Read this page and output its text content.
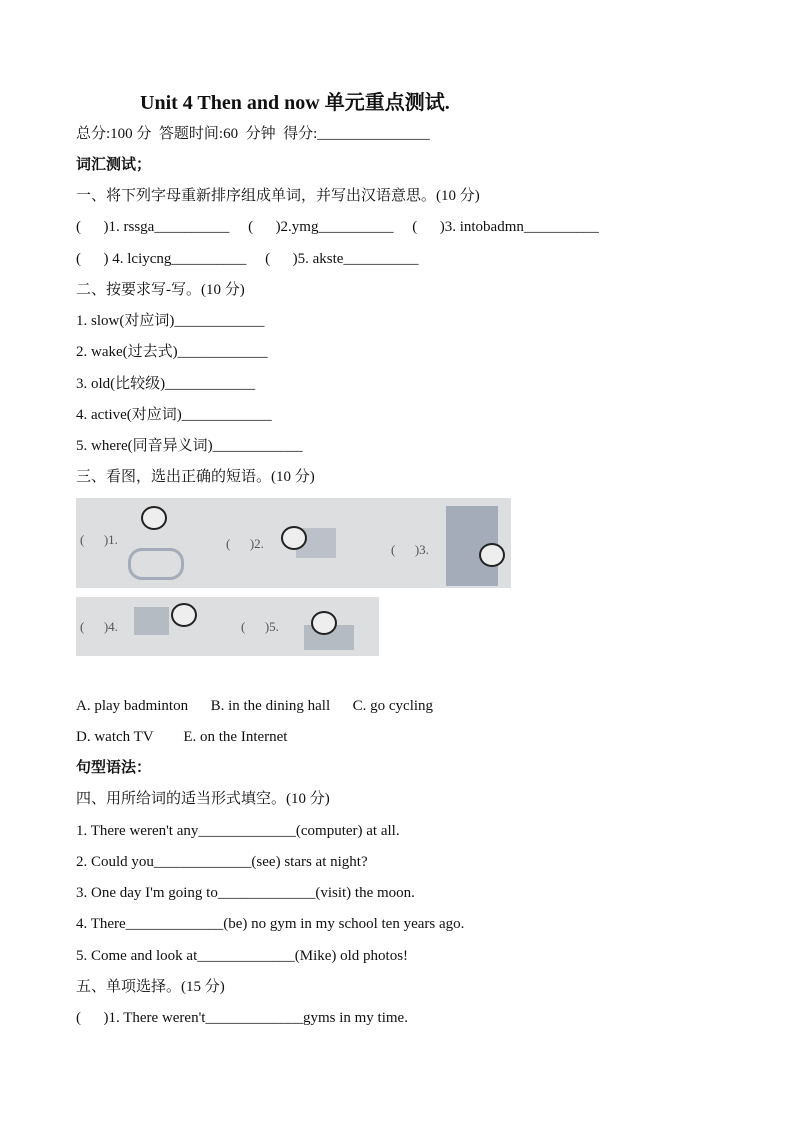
Unit 4 Then and now 单元重点测试.
总分:100 分  答题时间:60  分钟  得分:_______________
词汇测试；
一、将下列字母重新排序组成单词，并写出汉语意思。(10 分)
(      )1. rssga__________     (      )2.ymg__________     (      )3. intobadmn__________
(      ) 4. lciycng__________     (      )5. akste__________
二、按要求写-写。(10 分)
1. slow(对应词)____________
2. wake(过去式)____________
3. old(比较级)____________
4. active(对应词)____________
5. where(同音异义词)____________
三、看图，选出正确的短语。(10 分)
(      )1.	(      )2.	(      )3.
(      )4.	(      )5.
A. play badminton      B. in the dining hall      C. go cycling
D. watch TV        E. on the Internet
句型语法：
四、用所给词的适当形式填空。(10 分)
1. There weren't any_____________(computer) at all.
2. Could you_____________(see) stars at night?
3. One day I'm going to_____________(visit) the moon.
4. There_____________(be) no gym in my school ten years ago.
5. Come and look at_____________(Mike) old photos!
五、单项选择。(15 分)
(      )1. There weren't_____________gyms in my time.
